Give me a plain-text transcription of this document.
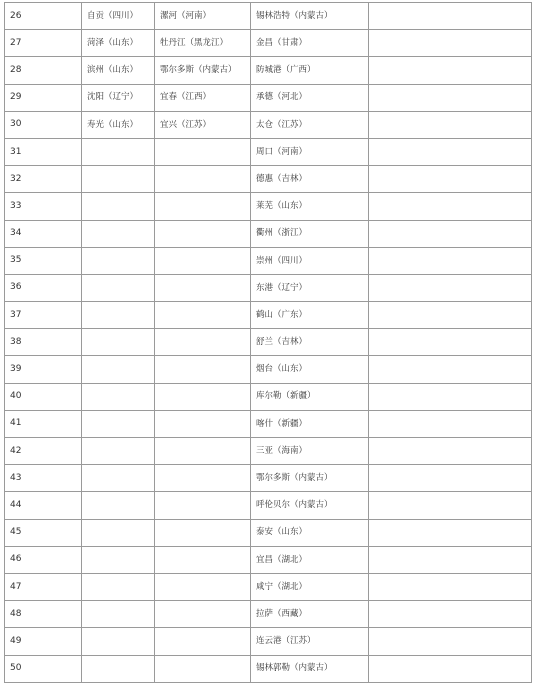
26	自贡（四川）	漯河（河南）	锡林浩特（内蒙古）	
27	菏泽（山东）	牡丹江（黑龙江）	金昌（甘肃）	
28	滨州（山东）	鄂尔多斯（内蒙古）	防城港（广西）	
29	沈阳（辽宁）	宜春（江西）	承德（河北）	
30	寿光（山东）	宜兴（江苏）	太仓（江苏）	
31			周口（河南）	
32			德惠（吉林）	
33			莱芜（山东）	
34			衢州（浙江）	
35			崇州（四川）	
36			东港（辽宁）	
37			鹤山（广东）	
38			舒兰（吉林）	
39			烟台（山东）	
40			库尔勒（新疆）	
41			喀什（新疆）	
42			三亚（海南）	
43			鄂尔多斯（内蒙古）	
44			呼伦贝尔（内蒙古）	
45			泰安（山东）	
46			宜昌（湖北）	
47			咸宁（湖北）	
48			拉萨（西藏）	
49			连云港（江苏）	
50			锡林郭勒（内蒙古）	
